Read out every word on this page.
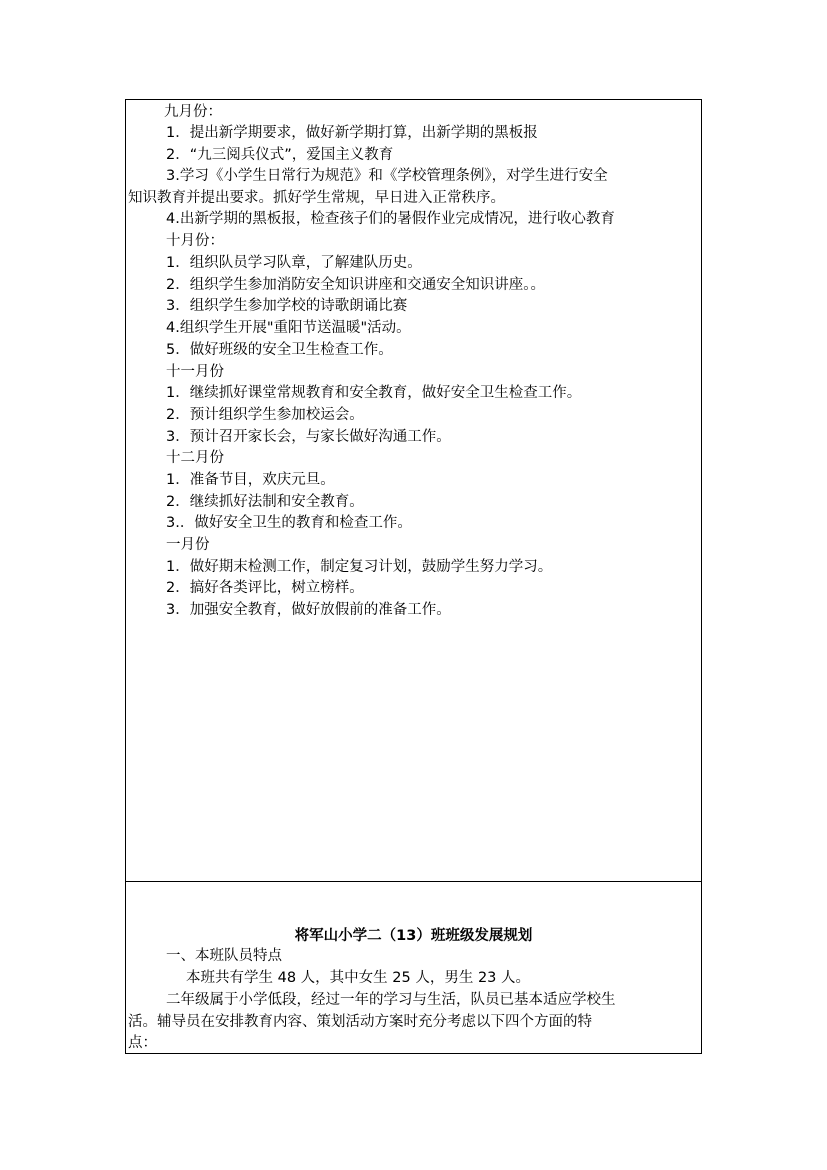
九月份：
1．提出新学期要求，做好新学期打算，出新学期的黑板报
2．“九三阅兵仪式”，爱国主义教育
3.学习《小学生日常行为规范》和《学校管理条例》，对学生进行安全
知识教育并提出要求。抓好学生常规，早日进入正常秩序。
4.出新学期的黑板报，检查孩子们的暑假作业完成情况，进行收心教育
十月份：
1．组织队员学习队章，了解建队历史。
2．组织学生参加消防安全知识讲座和交通安全知识讲座。。
3．组织学生参加学校的诗歌朗诵比赛
4.组织学生开展"重阳节送温暖"活动。
5．做好班级的安全卫生检查工作。
十一月份
1．继续抓好课堂常规教育和安全教育，做好安全卫生检查工作。
2．预计组织学生参加校运会。
3．预计召开家长会，与家长做好沟通工作。
十二月份
1．准备节目，欢庆元旦。
2．继续抓好法制和安全教育。
3.．做好安全卫生的教育和检查工作。
一月份
1．做好期末检测工作，制定复习计划，鼓励学生努力学习。
2．搞好各类评比，树立榜样。
3．加强安全教育，做好放假前的准备工作。
将军山小学二（13）班班级发展规划
一、本班队员特点
本班共有学生 48 人，其中女生 25 人，男生 23 人。
二年级属于小学低段，经过一年的学习与生活，队员已基本适应学校生
活。辅导员在安排教育内容、策划活动方案时充分考虑以下四个方面的特
点：
